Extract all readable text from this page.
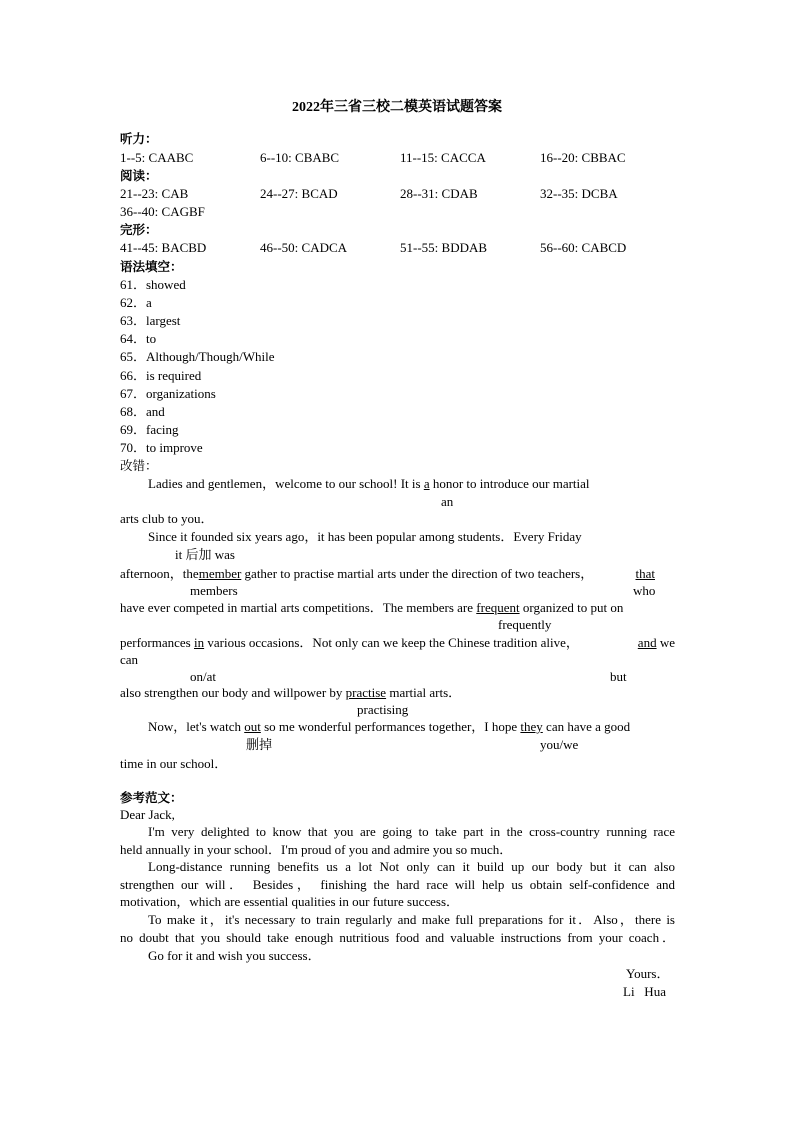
2022年三省三校二模英语试题答案
听力：
1--5: CAABC	6--10: CBABC	11--15: CACCA	16--20: CBBAC
阅读：
21--23: CAB	24--27: BCAD	28--31: CDAB	32--35: DCBA
36--40: CAGBF
完形：
41--45: BACBD	46--50: CADCA	51--55: BDDAB	56--60: CABCD
语法填空：
61．showed
62．a
63．largest
64．to
65．Although/Though/While
66．is required
67．organizations
68．and
69．facing
70．to improve
改错：
Ladies and gentlemen，welcome to our school! It is a honor to introduce our martial
an
arts club to you．
Since it founded six years ago，it has been popular among students．Every Friday
it 后加 was
afternoon，themember gather to practise martial arts under the direction of two teachers，	that
members	who
have ever competed in martial arts competitions．The members are frequent organized to put on
frequently
performances in various occasions．Not only can we keep the Chinese tradition alive，	and we
can
on/at	but
also strengthen our body and willpower by practise martial arts．
practising
Now，let's watch out so me wonderful performances together，I hope they can have a good
删掉	you/we
time in our school．
参考范文：
Dear Jack,
I'm very delighted to know that you are going to take part in the cross-country running race
held annually in your school．I'm proud of you and admire you so much．
Long-distance running benefits us a lot Not only can it build up our body but it can also
strengthen our will． Besides， finishing the hard race will help us obtain self-confidence and
motivation，which are essential qualities in our future success．
To make it，it's necessary to train regularly and make full preparations for it．Also，there is
no doubt that you should take enough nutritious food and valuable instructions from your coach．
Go for it and wish you success．
Yours．
Li   Hua
